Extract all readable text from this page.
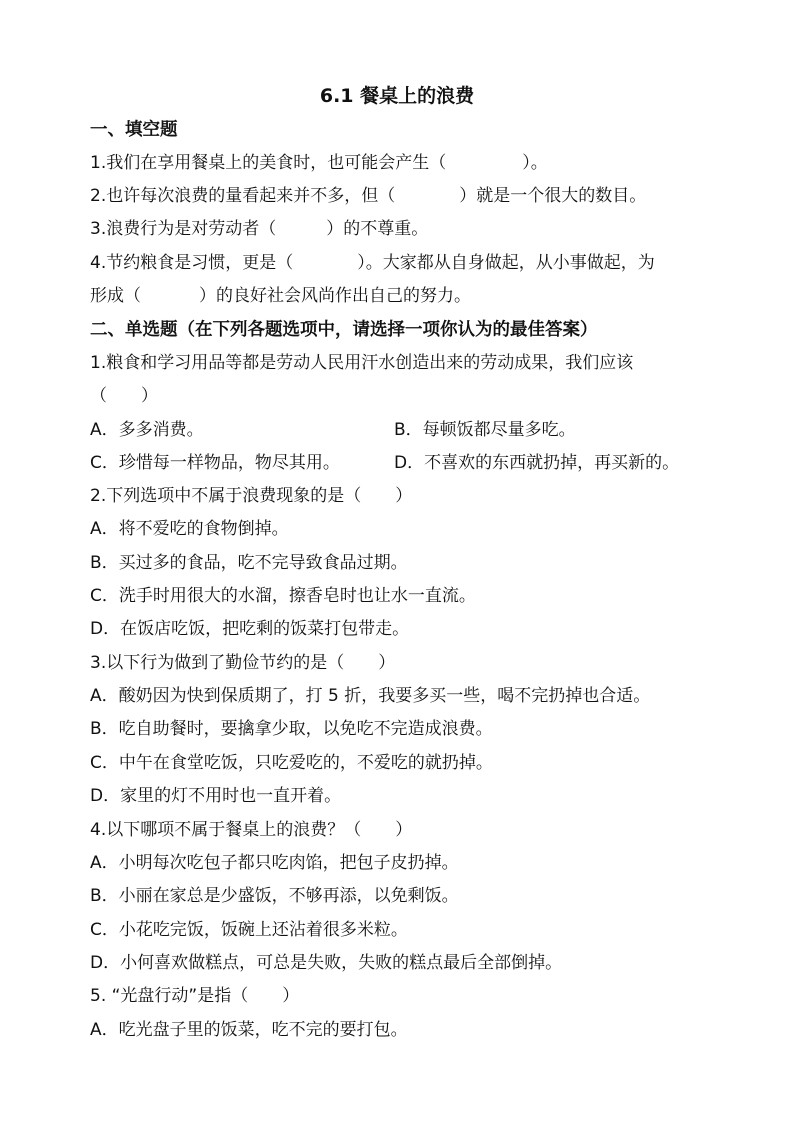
6.1 餐桌上的浪费
一、填空题
1.我们在享用餐桌上的美食时，也可能会产生（	）。
2.也许每次浪费的量看起来并不多，但（	）就是一个很大的数目。
3.浪费行为是对劳动者（	）的不尊重。
4.节约粮食是习惯，更是（	）。大家都从自身做起，从小事做起，为
形成（	）的良好社会风尚作出自己的努力。
二、单选题（在下列各题选项中，请选择一项你认为的最佳答案）
1.粮食和学习用品等都是劳动人民用汗水创造出来的劳动成果，我们应该
（　　）
A．多多消费。	B．每顿饭都尽量多吃。
C．珍惜每一样物品，物尽其用。	D．不喜欢的东西就扔掉，再买新的。
2.下列选项中不属于浪费现象的是（　　）
A．将不爱吃的食物倒掉。
B．买过多的食品，吃不完导致食品过期。
C．洗手时用很大的水溜，擦香皂时也让水一直流。
D．在饭店吃饭，把吃剩的饭菜打包带走。
3.以下行为做到了勤俭节约的是（　　）
A．酸奶因为快到保质期了，打 5 折，我要多买一些，喝不完扔掉也合适。
B．吃自助餐时，要擒拿少取，以免吃不完造成浪费。
C．中午在食堂吃饭，只吃爱吃的，不爱吃的就扔掉。
D．家里的灯不用时也一直开着。
4.以下哪项不属于餐桌上的浪费？（　　）
A．小明每次吃包子都只吃肉馅，把包子皮扔掉。
B．小丽在家总是少盛饭，不够再添，以免剩饭。
C．小花吃完饭，饭碗上还沾着很多米粒。
D．小何喜欢做糕点，可总是失败，失败的糕点最后全部倒掉。
5. “光盘行动”是指（　　）
A．吃光盘子里的饭菜，吃不完的要打包。
